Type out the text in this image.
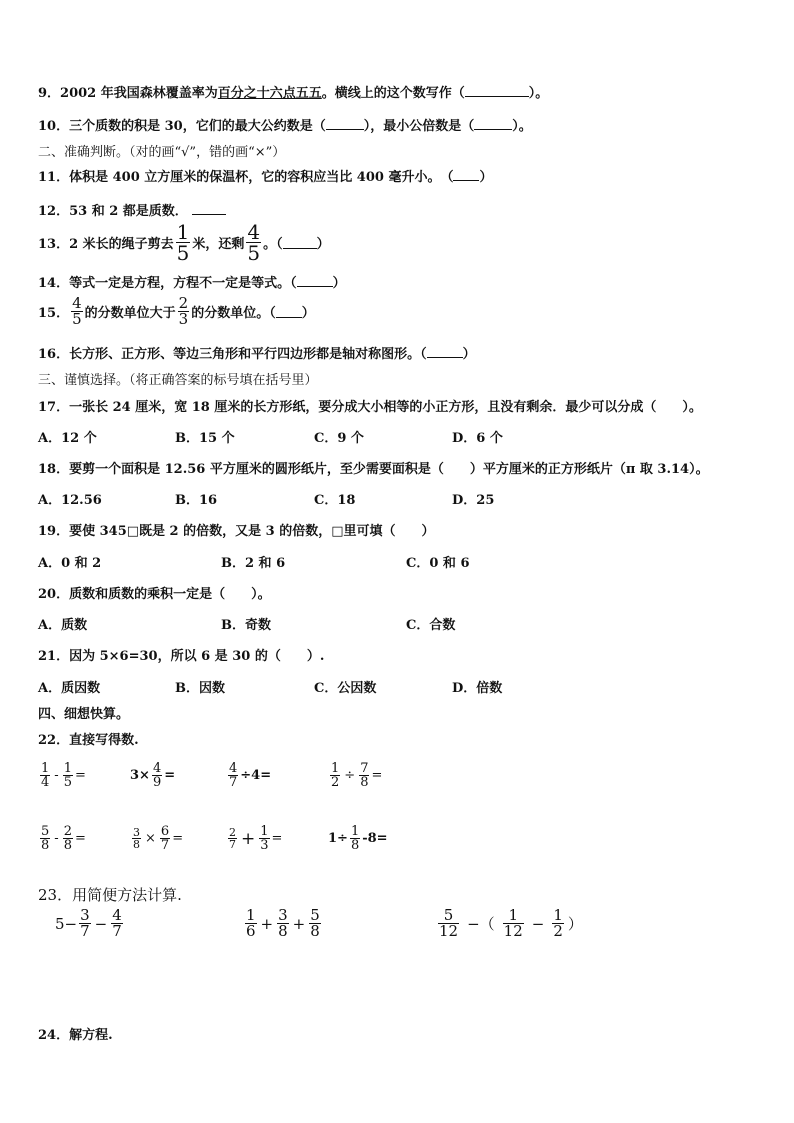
9．2002 年我国森林覆盖率为百分之十六点五五。横线上的这个数写作（	）。
10．三个质数的积是 30，它们的最大公约数是（	），最小公倍数是（	）。
二、准确判断。（对的画“√”，错的画“×”）
11．体积是 400 立方厘米的保温杯，它的容积应当比 400 毫升小。　（ ）
12．53 和 2 都是质数．
13．2 米长的绳子剪去 $\frac{1}{5}$ 米，还剩 $\frac{4}{5}$ 。（	）
14．等式一定是方程，方程不一定是等式。（	）
15． $\frac{4}{5}$ 的分数单位大于 $\frac{2}{3}$ 的分数单位。（ ）
16．长方形、正方形、等边三角形和平行四边形都是轴对称图形。（	）
三、谨慎选择。（将正确答案的标号填在括号里）
17．一张长 24 厘米，宽 18 厘米的长方形纸，要分成大小相等的小正方形，且没有剩余．最少可以分成（　　）。
A．12 个	B．15 个	C．9 个	D．6 个
18．要剪一个面积是 12.56 平方厘米的圆形纸片，至少需要面积是（　　）平方厘米的正方形纸片（π 取 3.14）。
A．12.56	B．16	C．18	D．25
19．要使 345□既是 2 的倍数，又是 3 的倍数，□里可填（　　）
A．0 和 2	B．2 和 6	C．0 和 6
20．质数和质数的乘积一定是（　　）。
A．质数	B．奇数	C．合数
21．因为 5×6=30，所以 6 是 30 的（　　）.
A．质因数	B．因数	C．公因数	D．倍数
四、细想快算。
22．直接写得数.
$\frac{1}{4} - \frac{1}{5}$ =	$3\times \frac{4}{9}$ =	$\frac{4}{7} \div 4=$	$\frac{1}{2} \div \frac{7}{8}$ =
$\frac{5}{8} - \frac{2}{8}$ =	$\frac{3}{8} \times \frac{6}{7}$ =	$\frac{2}{7} + \frac{1}{3}$ =	$1\div \frac{1}{8} -8=$
23．用简便方法计算.
$5- \frac{3}{7} - \frac{4}{7}$	$\frac{1}{6} + \frac{3}{8} + \frac{5}{8}$	$\frac{5}{12}$ −（ $\frac{1}{12} - \frac{1}{2}$ ）
24．解方程.
